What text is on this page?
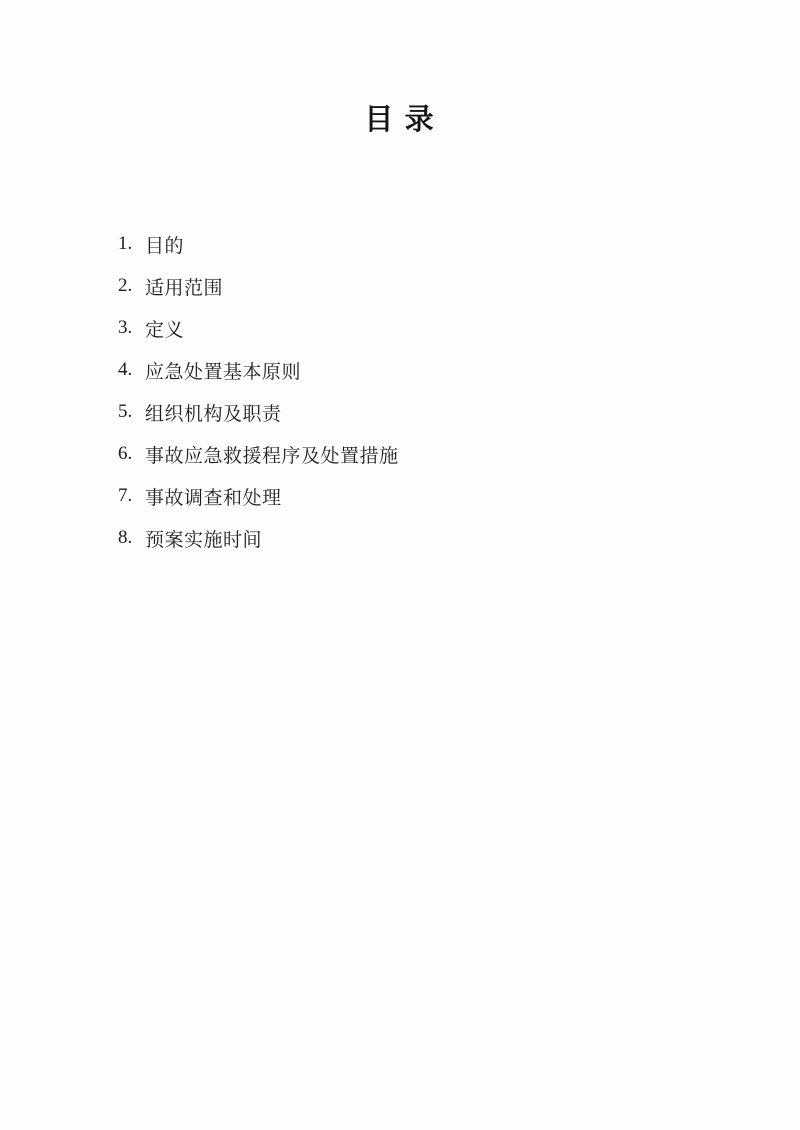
目 录
1. 目的
2. 适用范围
3. 定义
4. 应急处置基本原则
5. 组织机构及职责
6. 事故应急救援程序及处置措施
7. 事故调查和处理
8. 预案实施时间
